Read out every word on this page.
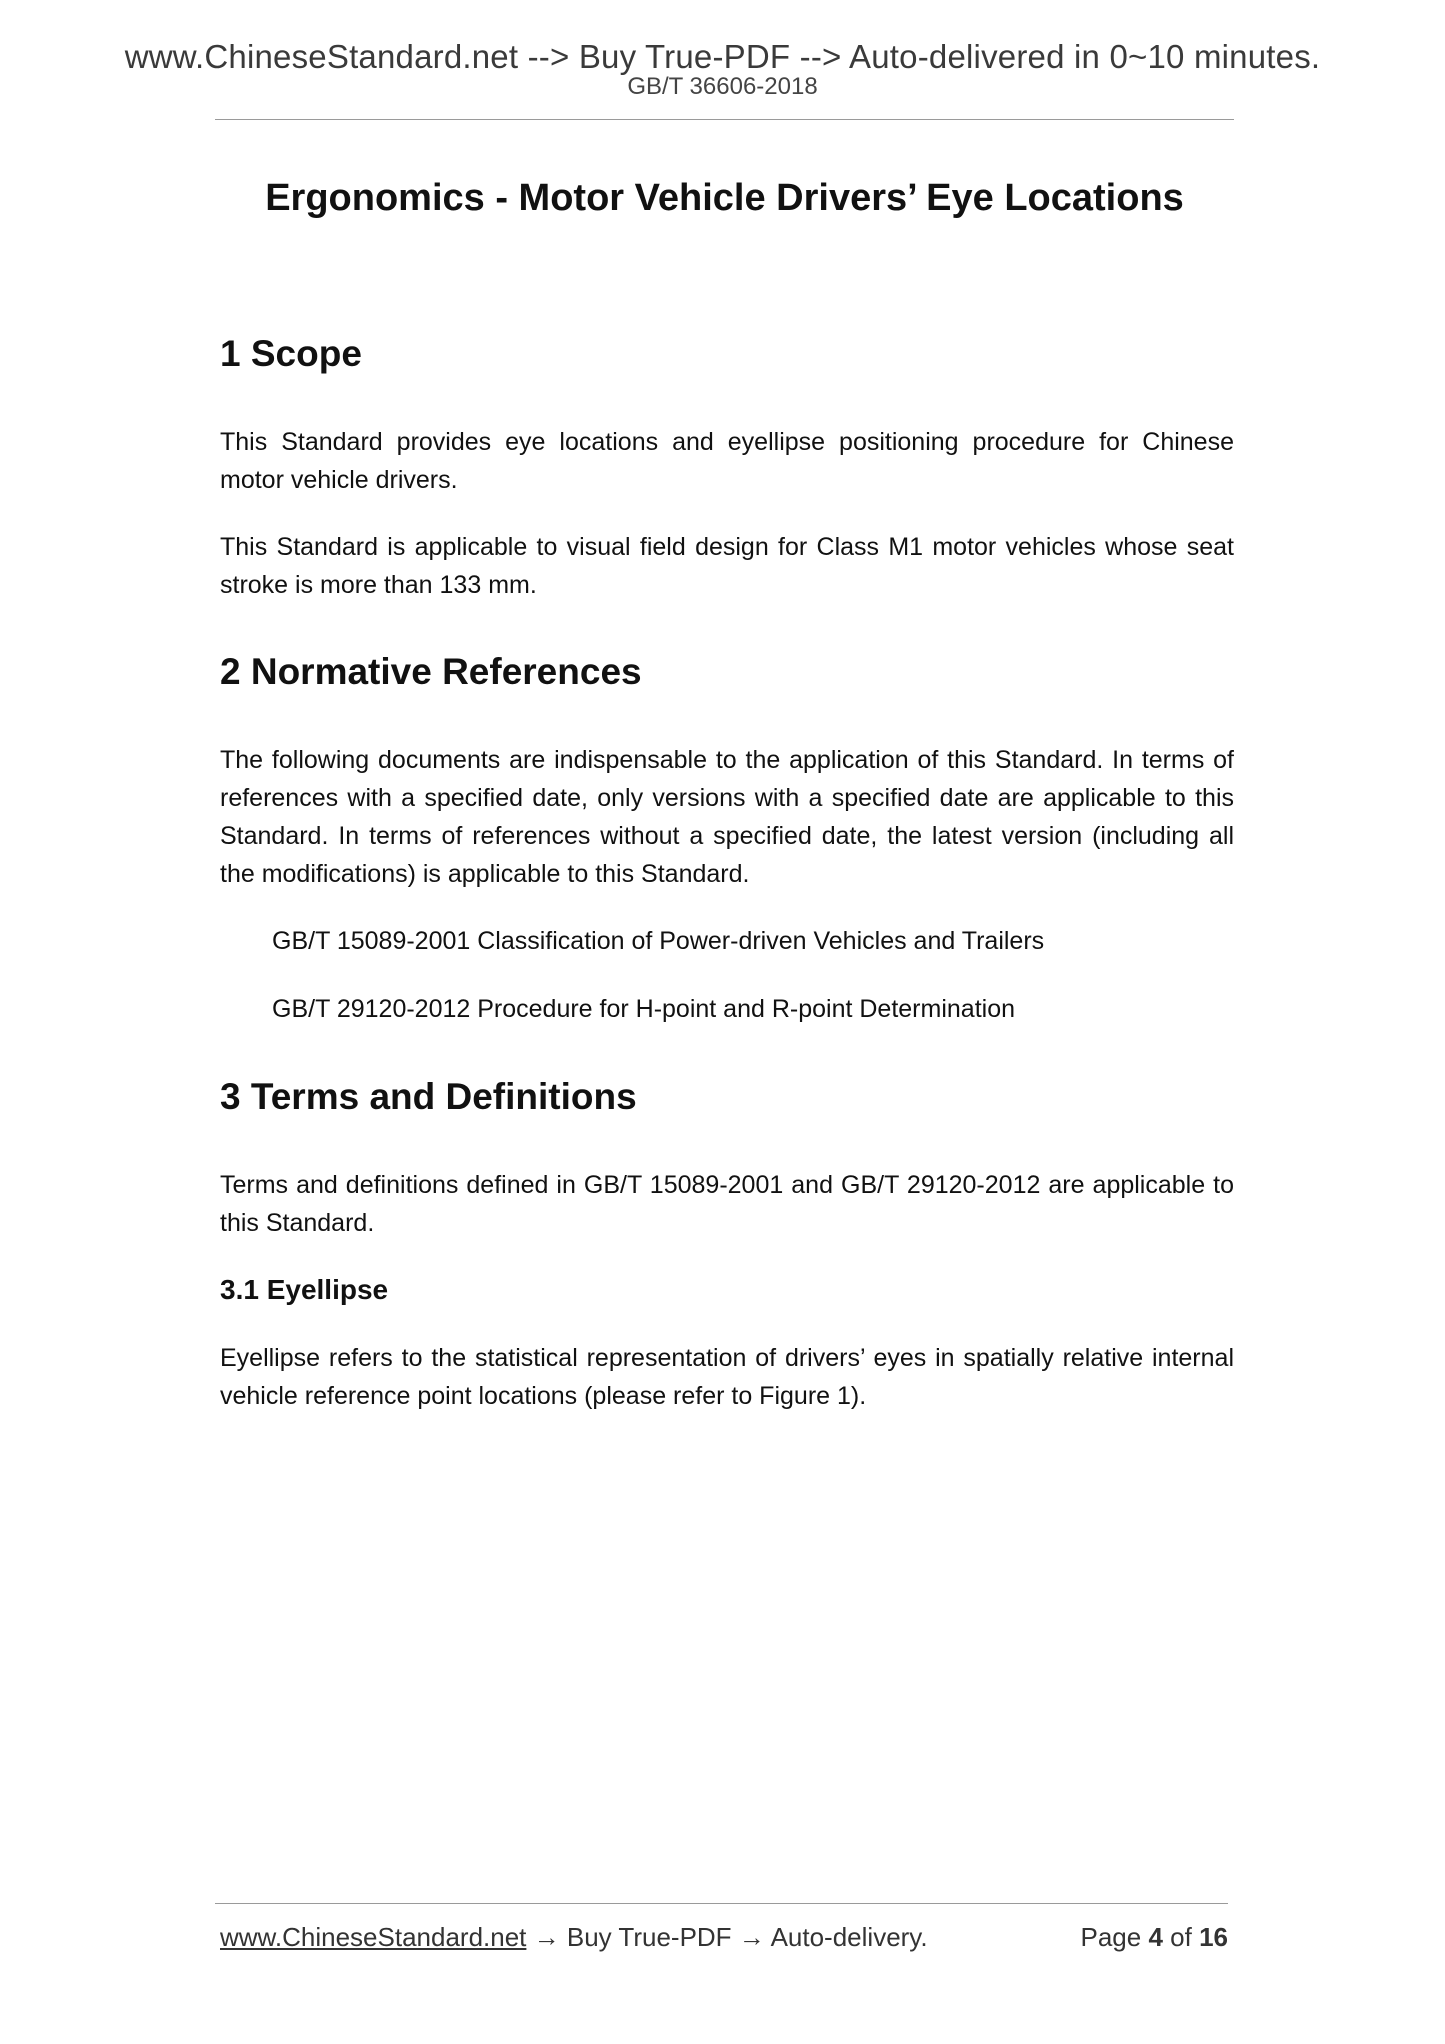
www.ChineseStandard.net --> Buy True-PDF --> Auto-delivered in 0~10 minutes.
GB/T 36606-2018
Ergonomics - Motor Vehicle Drivers’ Eye Locations
1 Scope
This Standard provides eye locations and eyellipse positioning procedure for Chinese motor vehicle drivers.
This Standard is applicable to visual field design for Class M1 motor vehicles whose seat stroke is more than 133 mm.
2 Normative References
The following documents are indispensable to the application of this Standard. In terms of references with a specified date, only versions with a specified date are applicable to this Standard. In terms of references without a specified date, the latest version (including all the modifications) is applicable to this Standard.
GB/T 15089-2001 Classification of Power-driven Vehicles and Trailers
GB/T 29120-2012 Procedure for H-point and R-point Determination
3 Terms and Definitions
Terms and definitions defined in GB/T 15089-2001 and GB/T 29120-2012 are applicable to this Standard.
3.1 Eyellipse
Eyellipse refers to the statistical representation of drivers’ eyes in spatially relative internal vehicle reference point locations (please refer to Figure 1).
www.ChineseStandard.net → Buy True-PDF → Auto-delivery.	Page 4 of 16
